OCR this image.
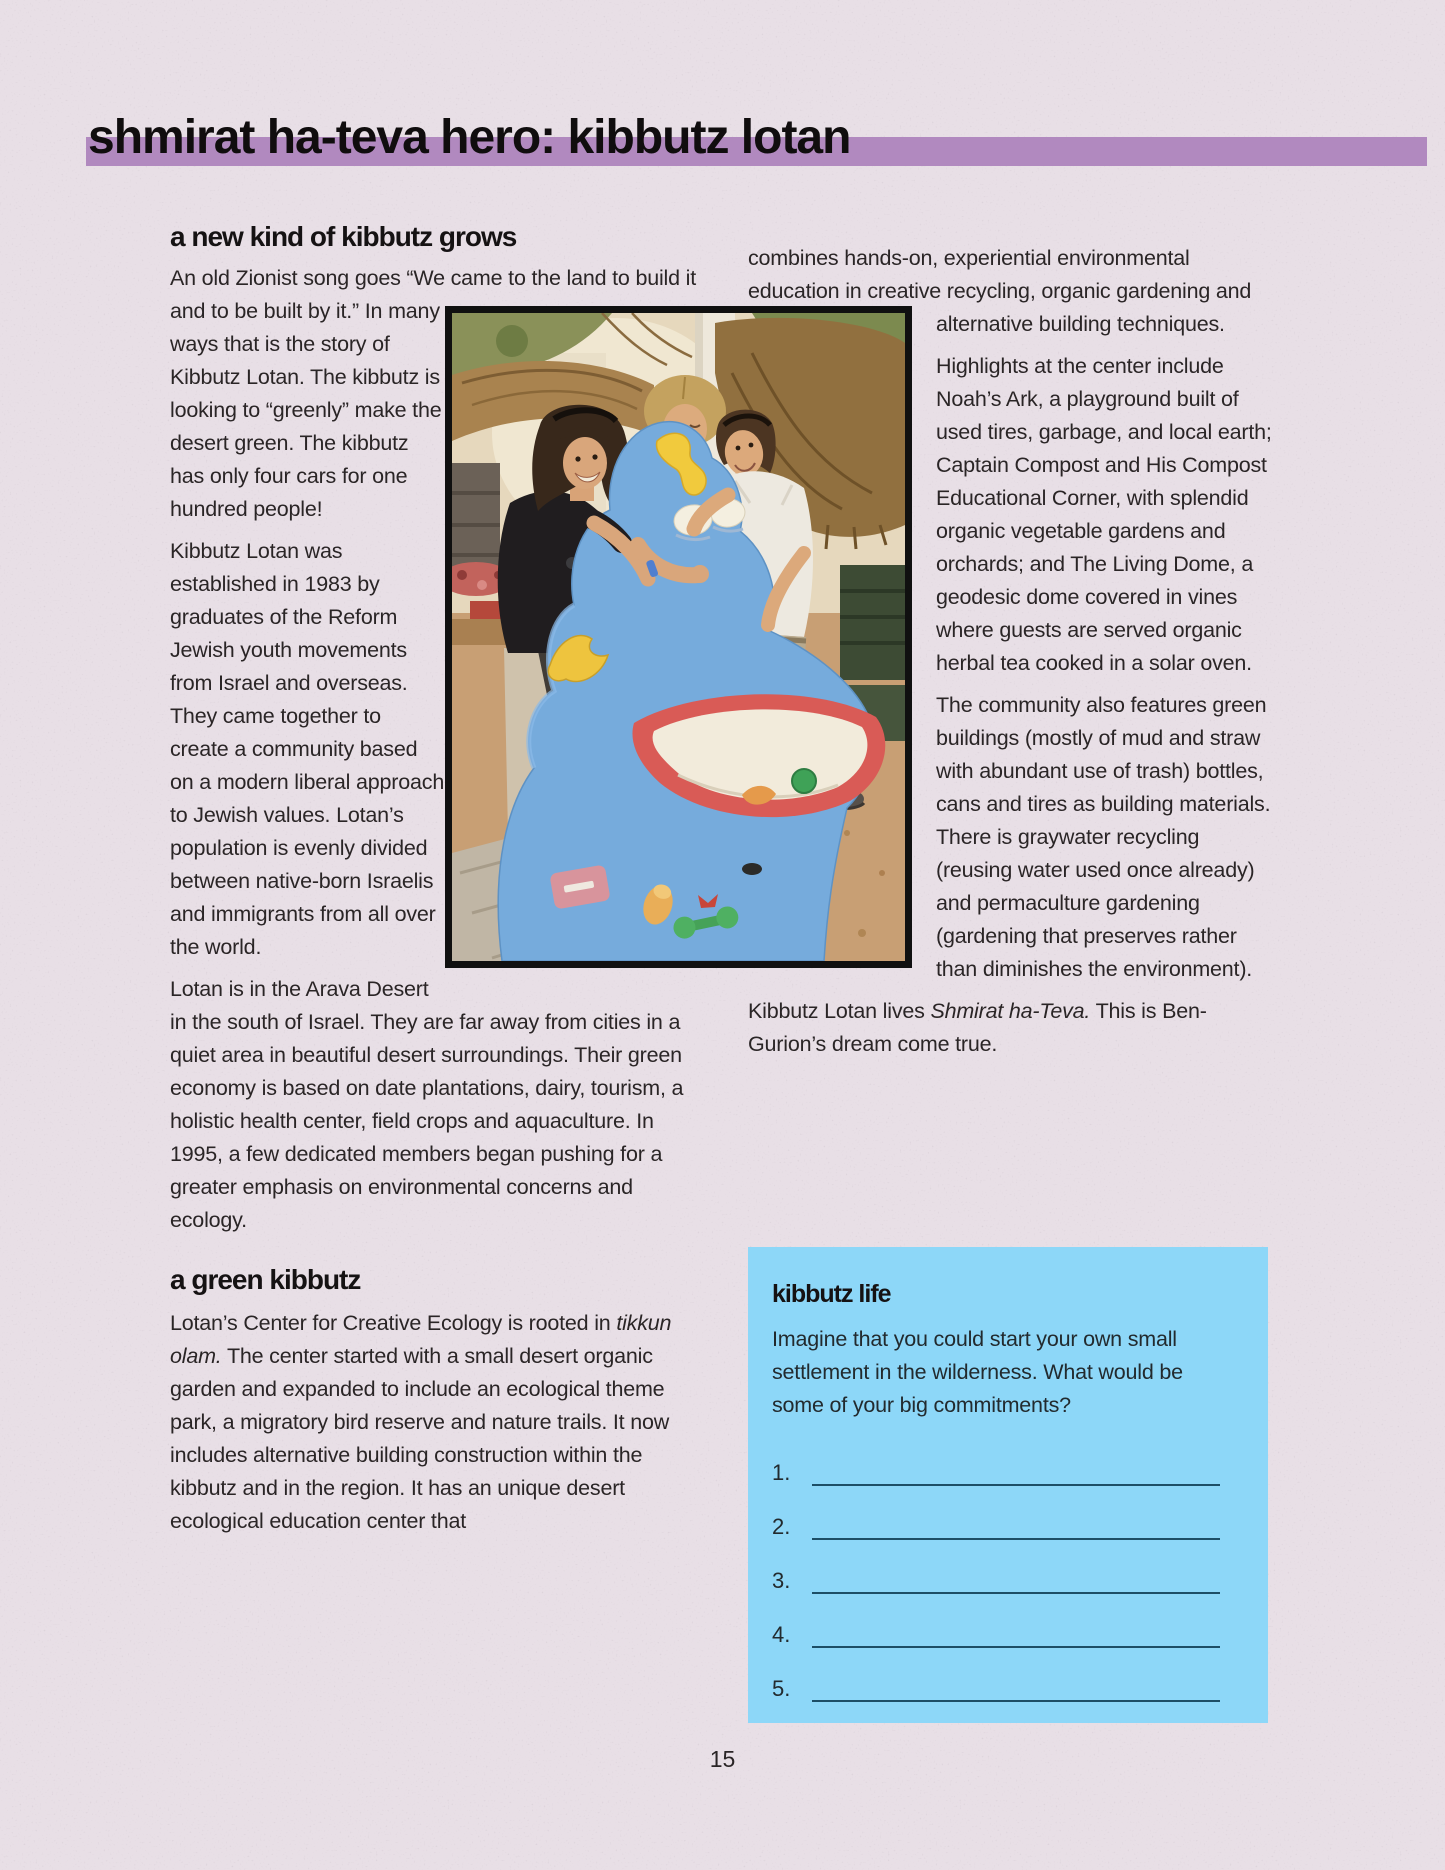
shmirat ha-teva hero: kibbutz lotan
a new kind of kibbutz grows

An old Zionist song goes “We came to the land to build it and to be built by it.” In many ways that is the story of Kibbutz Lotan. The kibbutz is looking to “greenly” make the desert green. The kibbutz has only four cars for one hundred people!

Kibbutz Lotan was established in 1983 by graduates of the Reform Jewish youth movements from Israel and overseas. They came together to create a community based on a modern liberal approach to Jewish values. Lotan’s population is evenly divided between native-born Israelis and immigrants from all over the world.

Lotan is in the Arava Desert in the south of Israel. They are far away from cities in a quiet area in beautiful desert surroundings. Their green economy is based on date plantations, dairy, tourism, a holistic health center, field crops and aquaculture. In 1995, a few dedicated members began pushing for a greater emphasis on environmental concerns and ecology.

a green kibbutz

Lotan’s Center for Creative Ecology is rooted in tikkun olam. The center started with a small desert organic garden and expanded to include an ecological theme park, a migratory bird reserve and nature trails. It now includes alternative building construction within the kibbutz and in the region. It has an unique desert ecological education center that

combines hands-on, experiential environmental education in creative recycling, organic gardening and alternative building techniques.

Highlights at the center include Noah’s Ark, a playground built of used tires, garbage, and local earth; Captain Compost and His Compost Educational Corner, with splendid organic vegetable gardens and orchards; and The Living Dome, a geodesic dome covered in vines where guests are served organic herbal tea cooked in a solar oven.

The community also features green buildings (mostly of mud and straw with abundant use of trash) bottles, cans and tires as building materials. There is graywater recycling (reusing water used once already) and permaculture gardening (gardening that preserves rather than diminishes the environment).

Kibbutz Lotan lives Shmirat ha-Teva. This is Ben-Gurion’s dream come true.

kibbutz life

Imagine that you could start your own small settlement in the wilderness. What would be some of your big commitments?

1.
2.
3.
4.
5.
15
